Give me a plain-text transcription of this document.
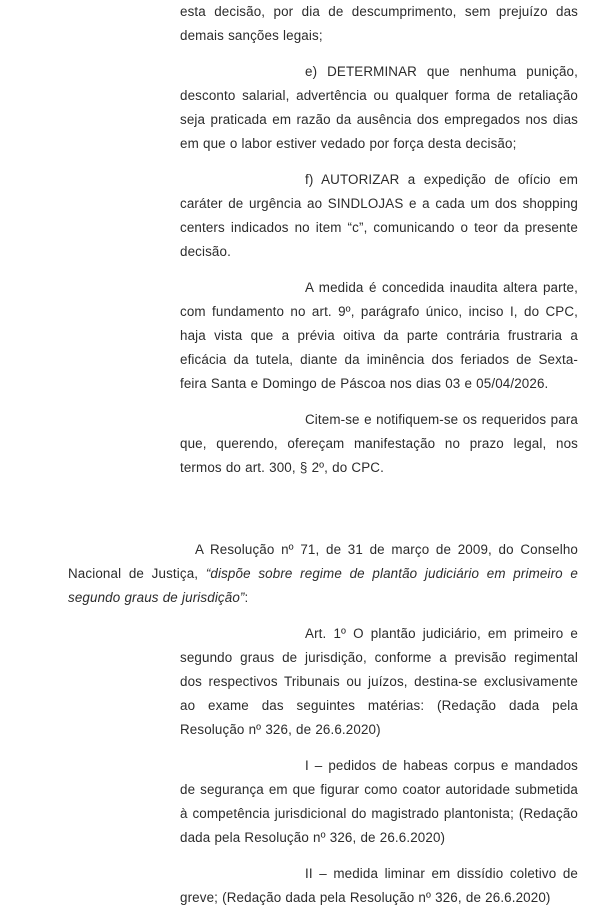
esta decisão, por dia de descumprimento, sem prejuízo das demais sanções legais;

e) DETERMINAR que nenhuma punição, desconto salarial, advertência ou qualquer forma de retaliação seja praticada em razão da ausência dos empregados nos dias em que o labor estiver vedado por força desta decisão;

f) AUTORIZAR a expedição de ofício em caráter de urgência ao SINDLOJAS e a cada um dos shopping centers indicados no item “c”, comunicando o teor da presente decisão.

A medida é concedida inaudita altera parte, com fundamento no art. 9º, parágrafo único, inciso I, do CPC, haja vista que a prévia oitiva da parte contrária frustraria a eficácia da tutela, diante da iminência dos feriados de Sexta-feira Santa e Domingo de Páscoa nos dias 03 e 05/04/2026.

Citem-se e notifiquem-se os requeridos para que, querendo, ofereçam manifestação no prazo legal, nos termos do art. 300, § 2º, do CPC.

A Resolução nº 71, de 31 de março de 2009, do Conselho Nacional de Justiça, “dispõe sobre regime de plantão judiciário em primeiro e segundo graus de jurisdição”:

Art. 1º O plantão judiciário, em primeiro e segundo graus de jurisdição, conforme a previsão regimental dos respectivos Tribunais ou juízos, destina-se exclusivamente ao exame das seguintes matérias: (Redação dada pela Resolução nº 326, de 26.6.2020)

I – pedidos de habeas corpus e mandados de segurança em que figurar como coator autoridade submetida à competência jurisdicional do magistrado plantonista; (Redação dada pela Resolução nº 326, de 26.6.2020)

II – medida liminar em dissídio coletivo de greve; (Redação dada pela Resolução nº 326, de 26.6.2020)
